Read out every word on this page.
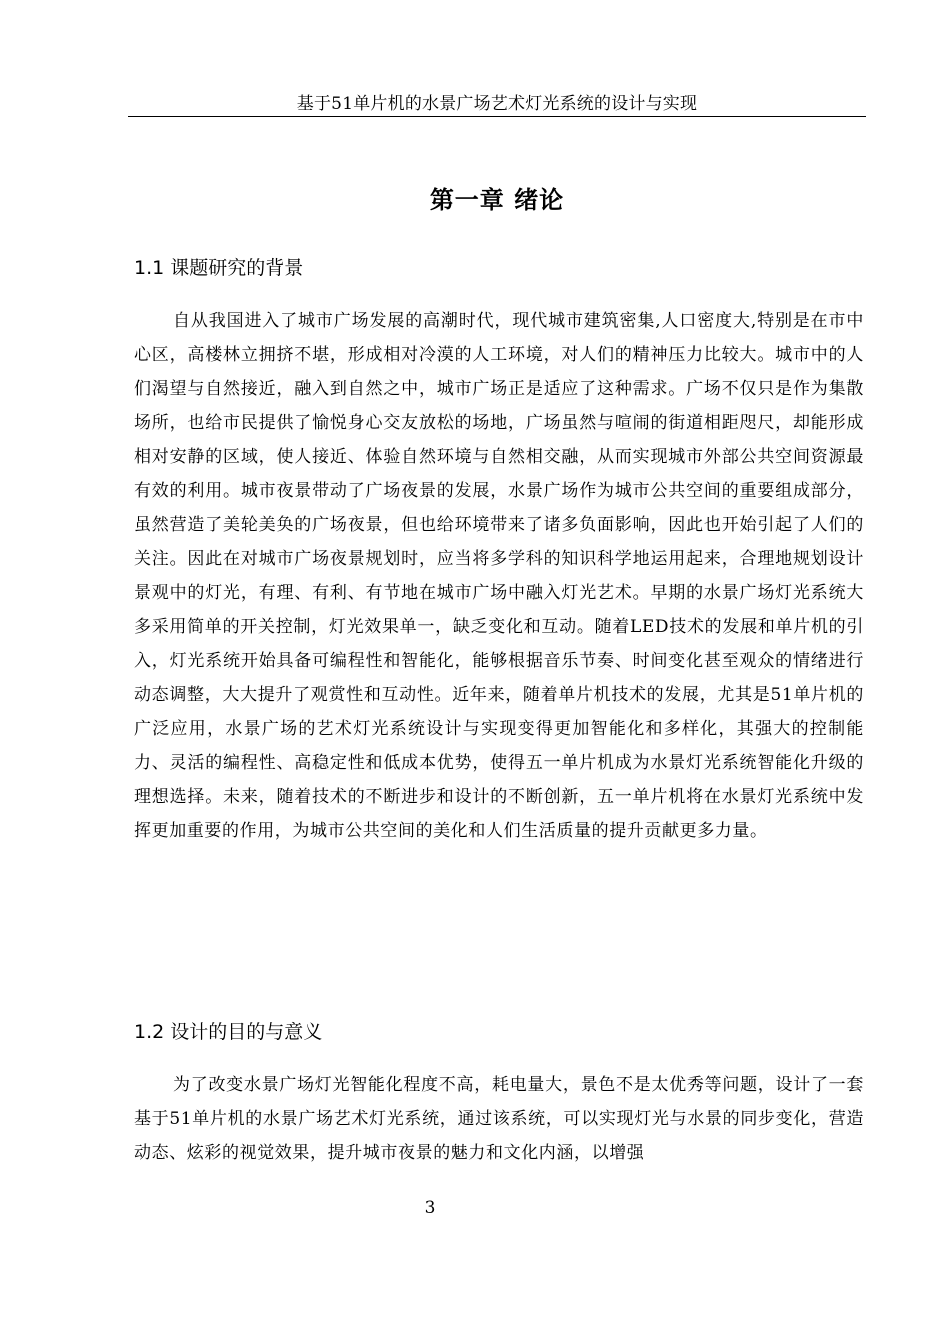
基于51单片机的水景广场艺术灯光系统的设计与实现
第一章 绪论
1.1 课题研究的背景

自从我国进入了城市广场发展的高潮时代，现代城市建筑密集,人口密度大,特别是在市中心区，高楼林立拥挤不堪，形成相对冷漠的人工环境，对人们的精神压力比较大。城市中的人们渴望与自然接近，融入到自然之中，城市广场正是适应了这种需求。广场不仅只是作为集散场所，也给市民提供了愉悦身心交友放松的场地，广场虽然与喧闹的街道相距咫尺，却能形成相对安静的区域，使人接近、体验自然环境与自然相交融，从而实现城市外部公共空间资源最有效的利用。城市夜景带动了广场夜景的发展，水景广场作为城市公共空间的重要组成部分，虽然营造了美轮美奂的广场夜景，但也给环境带来了诸多负面影响，因此也开始引起了人们的关注。因此在对城市广场夜景规划时，应当将多学科的知识科学地运用起来，合理地规划设计景观中的灯光，有理、有利、有节地在城市广场中融入灯光艺术。早期的水景广场灯光系统大多采用简单的开关控制，灯光效果单一，缺乏变化和互动。随着LED技术的发展和单片机的引入，灯光系统开始具备可编程性和智能化，能够根据音乐节奏、时间变化甚至观众的情绪进行动态调整，大大提升了观赏性和互动性。近年来，随着单片机技术的发展，尤其是51单片机的广泛应用，水景广场的艺术灯光系统设计与实现变得更加智能化和多样化，其强大的控制能力、灵活的编程性、高稳定性和低成本优势，使得五一单片机成为水景灯光系统智能化升级的理想选择。未来，随着技术的不断进步和设计的不断创新，五一单片机将在水景灯光系统中发挥更加重要的作用，为城市公共空间的美化和人们生活质量的提升贡献更多力量。

1.2 设计的目的与意义

为了改变水景广场灯光智能化程度不高，耗电量大，景色不是太优秀等问题，设计了一套基于51单片机的水景广场艺术灯光系统，通过该系统，可以实现灯光与水景的同步变化，营造动态、炫彩的视觉效果，提升城市夜景的魅力和文化内涵，以增强

3
